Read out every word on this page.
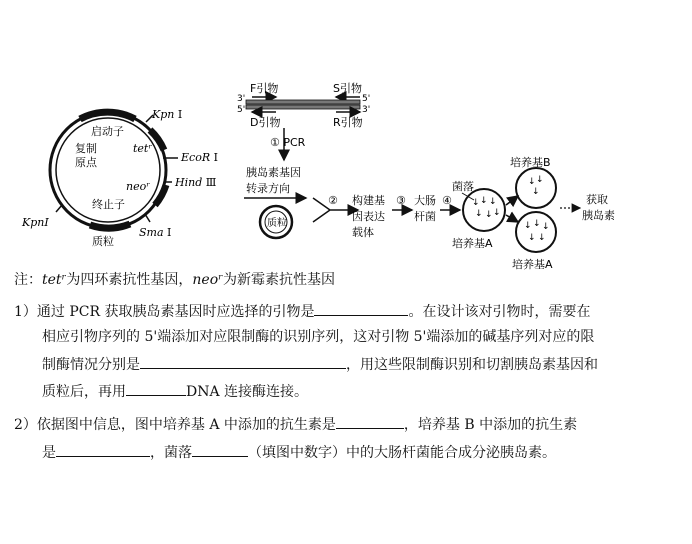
Kpn I
启动子
复制
原点
tetʳ
EcoR I
Hind Ⅲ
neoʳ
终止子
KpnI
Sma I
质粒
F引物	S引物
3'
5'
5'
3'
D引物	R引物
① PCR
胰岛素基因
转录方向
质粒
② 构建基
因表达
载体
③ 大肠
杆菌
④
菌落
↓ ↓ ↓
↓ ↓ ↓
培养基A
培养基B
↓ ↓
↓
↓ ↓ ↓
↓ ↓
培养基A
获取
胰岛素
注：tetʳ为四环素抗性基因，neoʳ为新霉素抗性基因
1）通过 PCR 获取胰岛素基因时应选择的引物是	。在设计该对引物时，需要在
相应引物序列的 5'端添加对应限制酶的识别序列，这对引物 5'端添加的碱基序列对应的限
制酶情况分别是	，用这些限制酶识别和切割胰岛素基因和
质粒后，再用	DNA 连接酶连接。
2）依据图中信息，图中培养基 A 中添加的抗生素是	，培养基 B 中添加的抗生素
是	，菌落	（填图中数字）中的大肠杆菌能合成分泌胰岛素。
